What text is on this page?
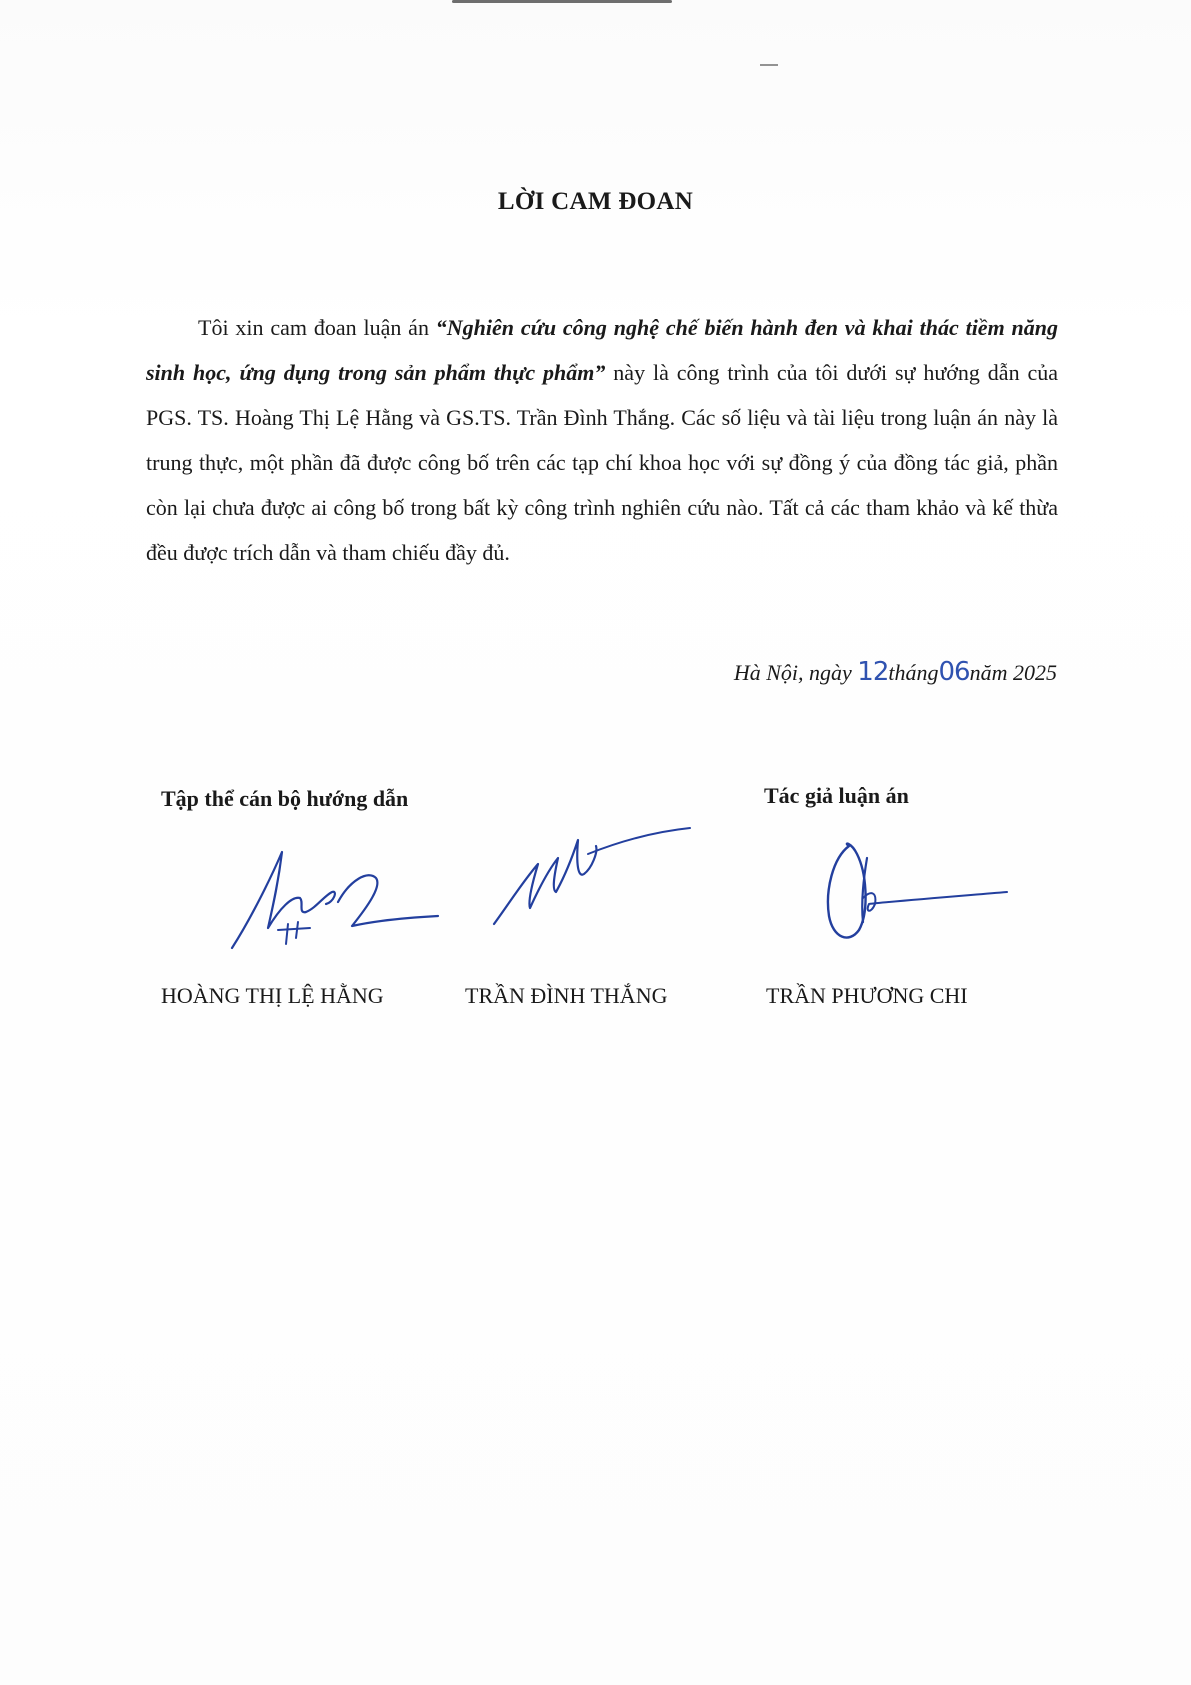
LỜI CAM ĐOAN
Tôi xin cam đoan luận án “Nghiên cứu công nghệ chế biến hành đen và khai thác tiềm năng sinh học, ứng dụng trong sản phẩm thực phẩm” này là công trình của tôi dưới sự hướng dẫn của PGS. TS. Hoàng Thị Lệ Hằng và GS.TS. Trần Đình Thắng. Các số liệu và tài liệu trong luận án này là trung thực, một phần đã được công bố trên các tạp chí khoa học với sự đồng ý của đồng tác giả, phần còn lại chưa được ai công bố trong bất kỳ công trình nghiên cứu nào. Tất cả các tham khảo và kế thừa đều được trích dẫn và tham chiếu đầy đủ.
Hà Nội, ngày 12tháng06năm 2025
Tập thể cán bộ hướng dẫn	Tác giả luận án
HOÀNG THỊ LỆ HẰNG	TRẦN ĐÌNH THẮNG	TRẦN PHƯƠNG CHI
